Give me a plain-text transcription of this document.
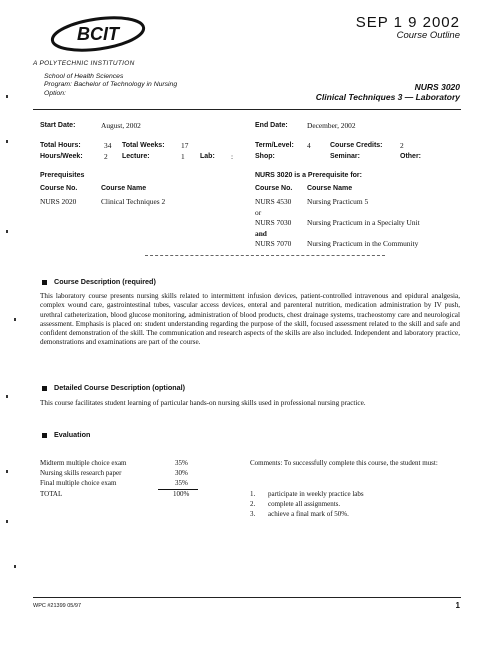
BCIT
SEP 1 9 2002
Course Outline
A POLYTECHNIC INSTITUTION
School of Health Sciences
Program: Bachelor of Technology in Nursing
Option:
NURS 3020
Clinical Techniques 3 — Laboratory
Start Date:	August, 2002	End Date:	December, 2002
Total Hours:	34 Total Weeks: 17	Term/Level: 4	Course Credits: 2
Hours/Week:	2 Lecture:	1 Lab: :	Shop:	Seminar:	Other:
Prerequisites
Course No.	Course Name
NURS 2020	Clinical Techniques 2
NURS 3020 is a Prerequisite for:
Course No. Course Name
NURS 4530 Nursing Practicum 5
or
NURS 7030 Nursing Practicum in a Specialty Unit
and
NURS 7070 Nursing Practicum in the Community
Course Description (required)
This laboratory course presents nursing skills related to intermittent infusion devices, patient-controlled intravenous and epidural analgesia, complex wound care, gastrointestinal tubes, vascular access devices, enteral and parenteral nutrition, medication administration by IV push, urethral catheterization, blood glucose monitoring, administration of blood products, chest drainage systems, tracheostomy care and neurological assessment. Emphasis is placed on: student understanding regarding the purpose of the skill, focused assessment related to the skill and safe and confident demonstration of the skill. The communication and research aspects of the skills are also included. Independent and laboratory practice, demonstrations and examinations are part of the course.
Detailed Course Description (optional)
This course facilitates student learning of particular hands-on nursing skills used in professional nursing practice.
Evaluation
Midterm multiple choice exam	35%
Nursing skills research paper	30%
Final multiple choice exam	35%
TOTAL	100%
Comments: To successfully complete this course, the student must:
1. participate in weekly practice labs
2. complete all assignments.
3. achieve a final mark of 50%.
WPC #21399 05/97	1
